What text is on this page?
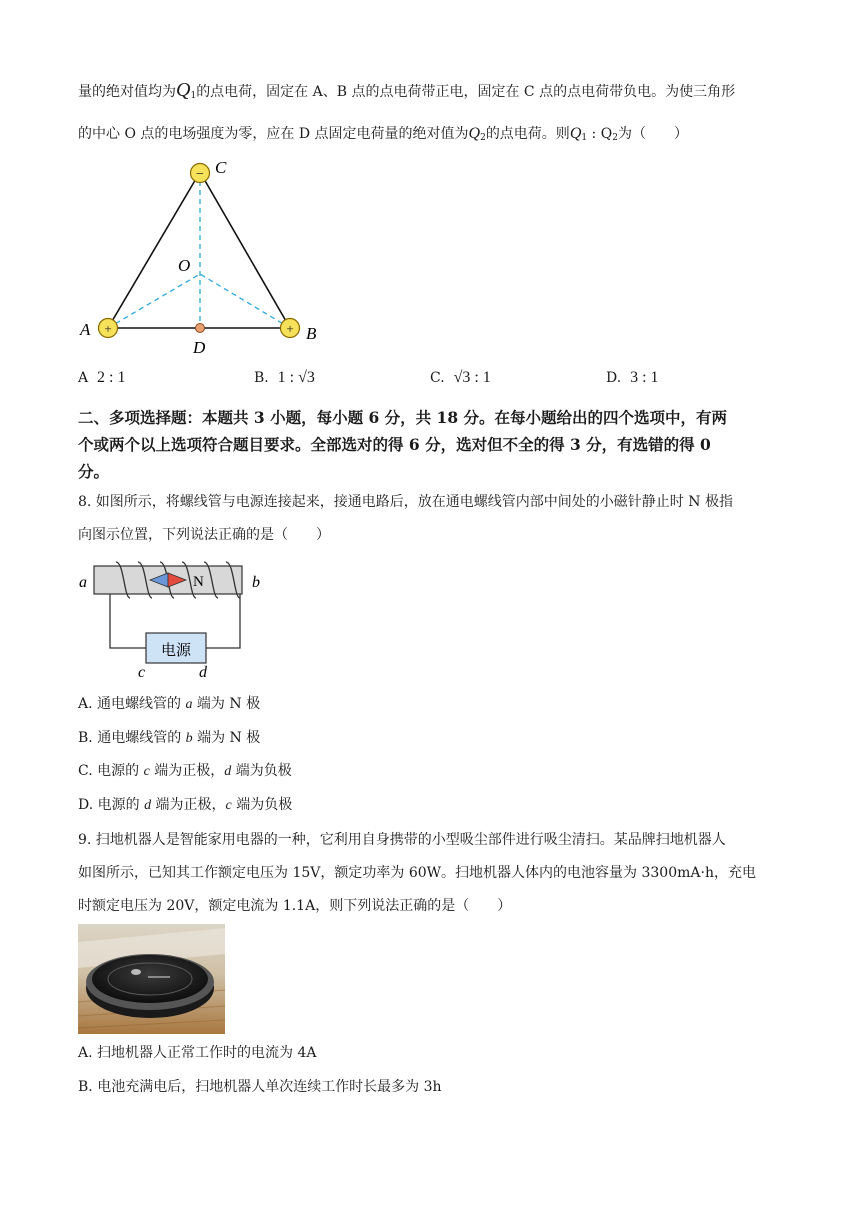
量的绝对值均为$Q_1$的点电荷，固定在 A、B 点的点电荷带正电，固定在 C 点的点电荷带负电。为使三角形
的中心 O 点的电场强度为零，应在 D 点固定电荷量的绝对值为$Q_2$的点电荷。则$Q_1$ : $Q_2$为（　　）
−
+	+
C
O
A	B
D
A 2 : 1	B. 1 : √3	C. √3 : 1	D. 3 : 1
二、多项选择题：本题共 3 小题，每小题 6 分，共 18 分。在每小题给出的四个选项中，有两
个或两个以上选项符合题目要求。全部选对的得 6 分，选对但不全的得 3 分，有选错的得 0
分。
8. 如图所示，将螺线管与电源连接起来，接通电路后，放在通电螺线管内部中间处的小磁针静止时 N 极指
向图示位置，下列说法正确的是（　　）
N
a	b
电源
c	d
A. 通电螺线管的 a 端为 N 极
B. 通电螺线管的 b 端为 N 极
C. 电源的 c 端为正极，d 端为负极
D. 电源的 d 端为正极，c 端为负极
9. 扫地机器人是智能家用电器的一种，它利用自身携带的小型吸尘部件进行吸尘清扫。某品牌扫地机器人
如图所示，已知其工作额定电压为 15V，额定功率为 60W。扫地机器人体内的电池容量为 3300mA·h，充电
时额定电压为 20V，额定电流为 1.1A，则下列说法正确的是（　　）
A. 扫地机器人正常工作时的电流为 4A
B. 电池充满电后，扫地机器人单次连续工作时长最多为 3h
